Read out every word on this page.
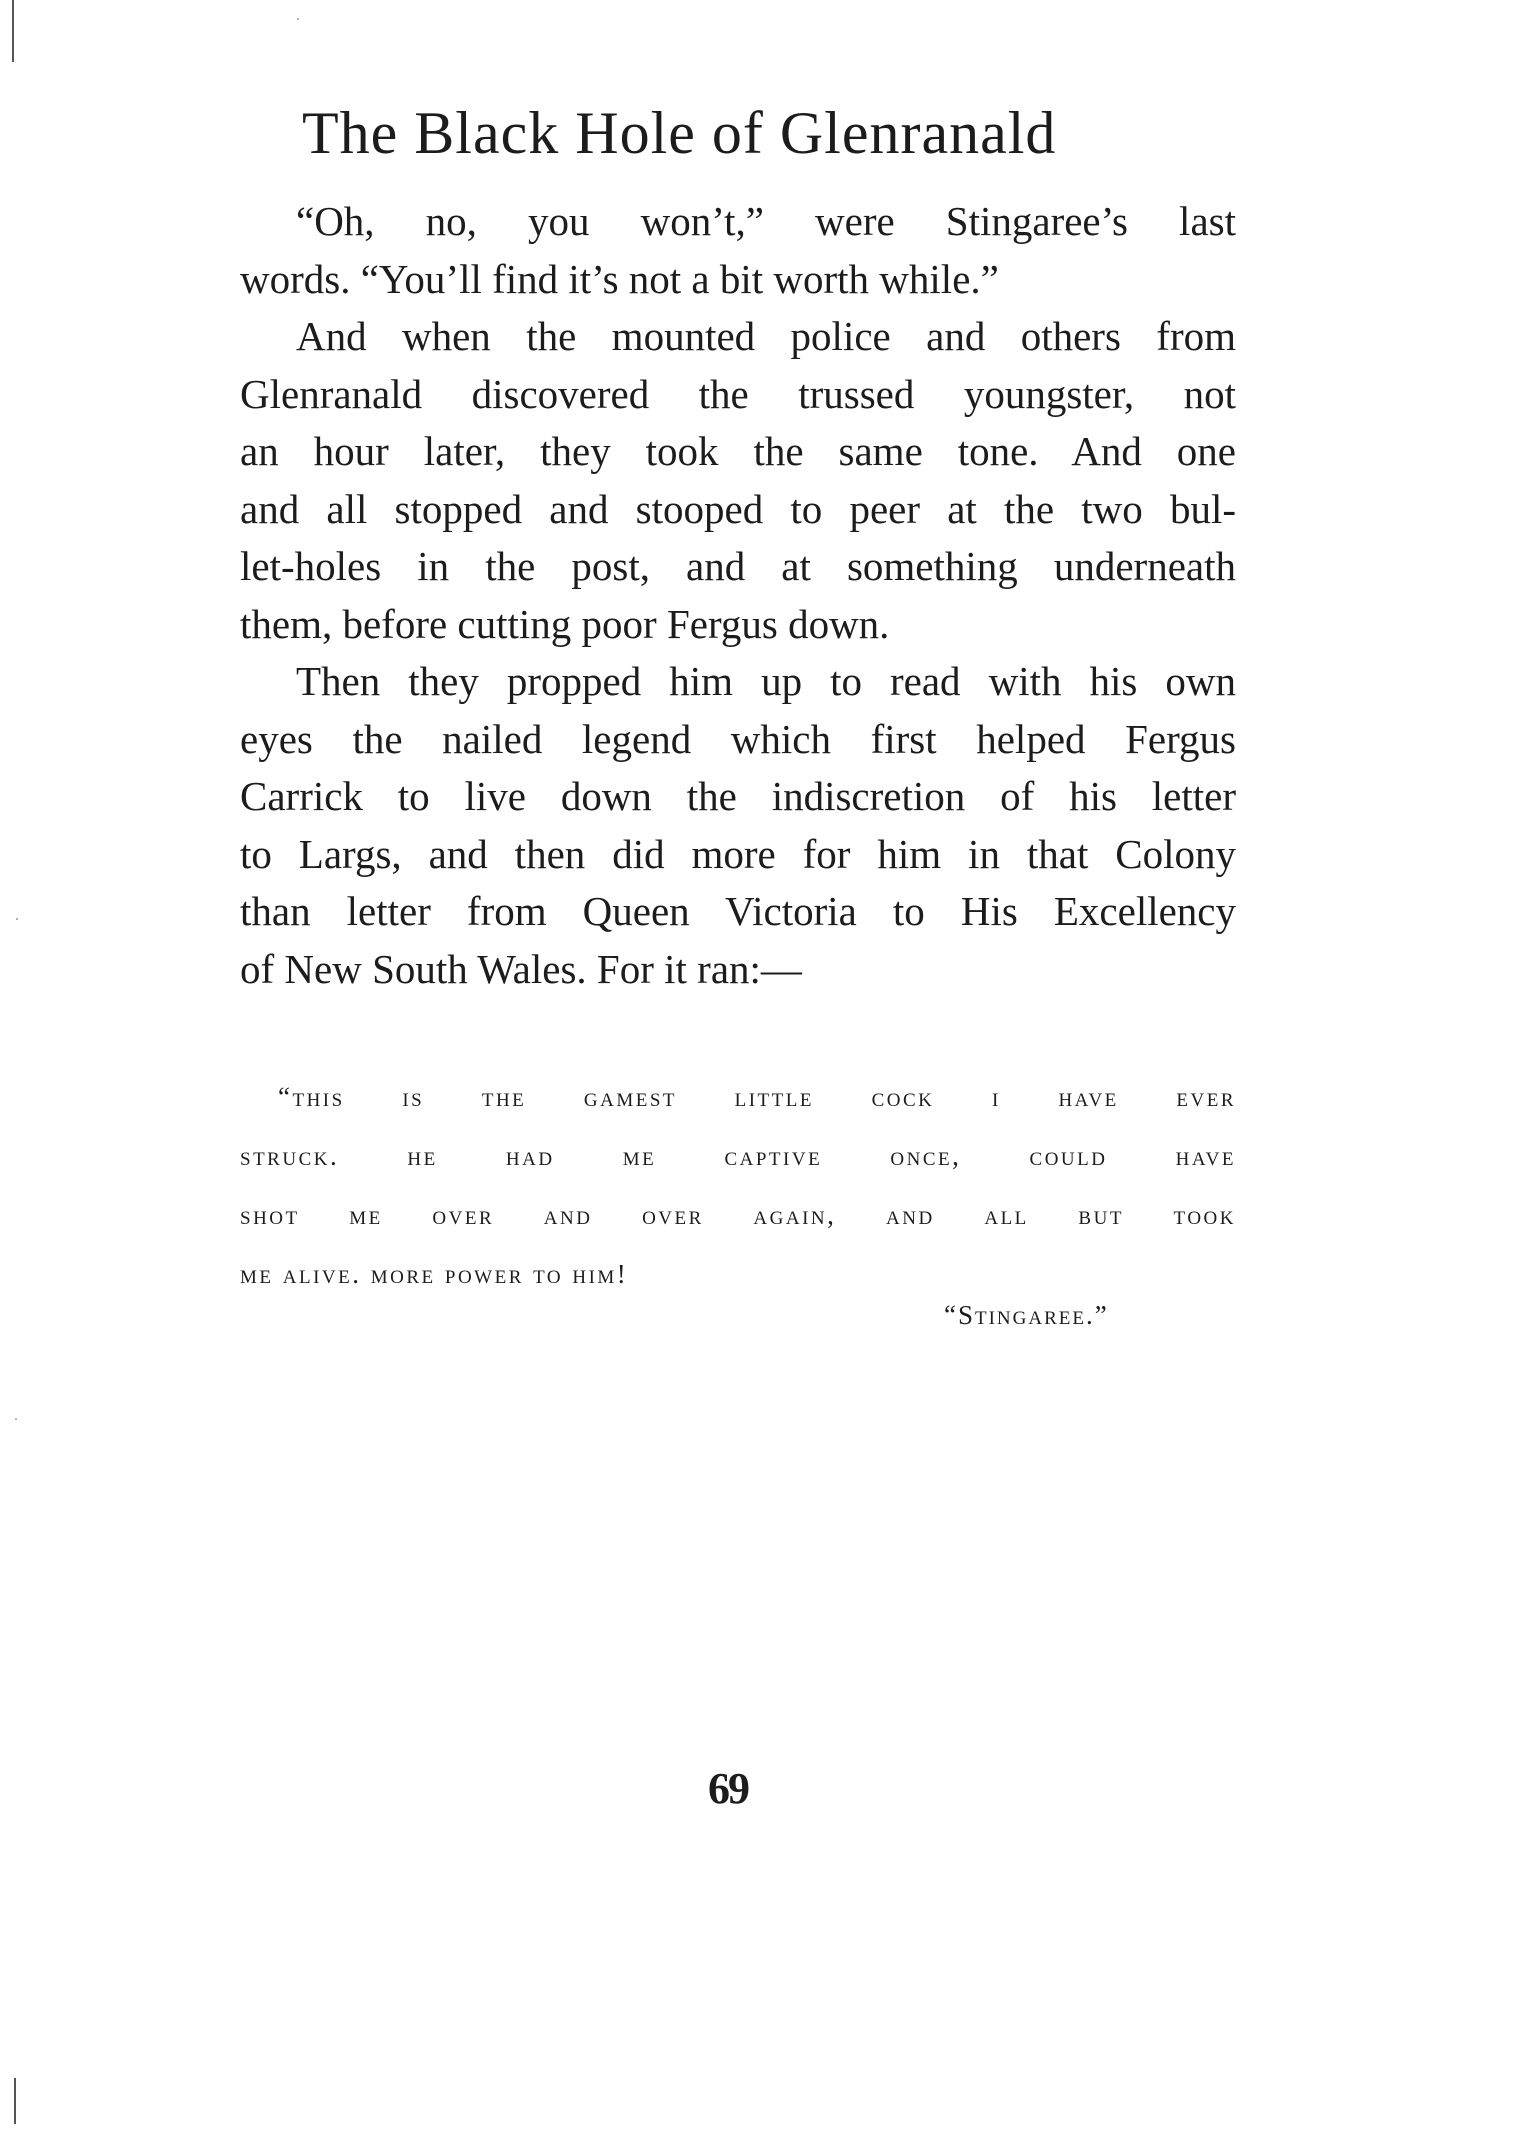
The Black Hole of Glenranald

“Oh, no, you won’t,” were Stingaree’s last
words. “You’ll find it’s not a bit worth while.”

And when the mounted police and others from
Glenranald discovered the trussed youngster, not
an hour later, they took the same tone. And one
and all stopped and stooped to peer at the two bul-
let-holes in the post, and at something underneath
them, before cutting poor Fergus down.

Then they propped him up to read with his own
eyes the nailed legend which first helped Fergus
Carrick to live down the indiscretion of his letter
to Largs, and then did more for him in that Colony
than letter from Queen Victoria to His Excellency
of New South Wales. For it ran:—

“this is the gamest little cock i have ever
struck. he had me captive once, could have
shot me over and over again, and all but took
me alive. more power to him!
“Stingaree.”
69
